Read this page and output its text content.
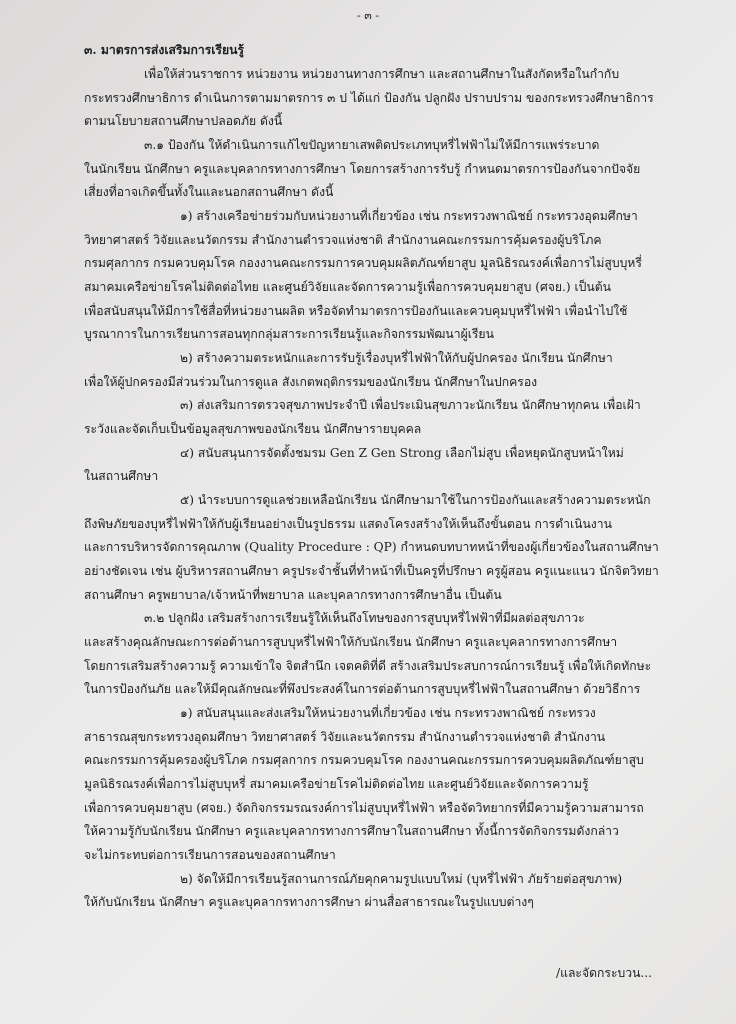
- ๓ -
๓. มาตรการส่งเสริมการเรียนรู้
เพื่อให้ส่วนราชการ หน่วยงาน หน่วยงานทางการศึกษา และสถานศึกษาในสังกัดหรือในกำกับ
กระทรวงศึกษาธิการ ดำเนินการตามมาตรการ ๓ ป ได้แก่ ป้องกัน ปลูกฝัง ปราบปราม ของกระทรวงศึกษาธิการ
ตามนโยบายสถานศึกษาปลอดภัย ดังนี้
๓.๑ ป้องกัน ให้ดำเนินการแก้ไขปัญหายาเสพติดประเภทบุหรี่ไฟฟ้าไม่ให้มีการแพร่ระบาด
ในนักเรียน นักศึกษา ครูและบุคลากรทางการศึกษา โดยการสร้างการรับรู้ กำหนดมาตรการป้องกันจากปัจจัย
เสี่ยงที่อาจเกิดขึ้นทั้งในและนอกสถานศึกษา ดังนี้
๑) สร้างเครือข่ายร่วมกับหน่วยงานที่เกี่ยวข้อง เช่น กระทรวงพาณิชย์ กระทรวงอุดมศึกษา
วิทยาศาสตร์ วิจัยและนวัตกรรม สำนักงานตำรวจแห่งชาติ สำนักงานคณะกรรมการคุ้มครองผู้บริโภค
กรมศุลกากร กรมควบคุมโรค กองงานคณะกรรมการควบคุมผลิตภัณฑ์ยาสูบ มูลนิธิรณรงค์เพื่อการไม่สูบบุหรี่
สมาคมเครือข่ายโรคไม่ติดต่อไทย และศูนย์วิจัยและจัดการความรู้เพื่อการควบคุมยาสูบ (ศจย.) เป็นต้น
เพื่อสนับสนุนให้มีการใช้สื่อที่หน่วยงานผลิต หรือจัดทำมาตรการป้องกันและควบคุมบุหรี่ไฟฟ้า เพื่อนำไปใช้
บูรณาการในการเรียนการสอนทุกกลุ่มสาระการเรียนรู้และกิจกรรมพัฒนาผู้เรียน
๒) สร้างความตระหนักและการรับรู้เรื่องบุหรี่ไฟฟ้าให้กับผู้ปกครอง นักเรียน นักศึกษา
เพื่อให้ผู้ปกครองมีส่วนร่วมในการดูแล สังเกตพฤติกรรมของนักเรียน นักศึกษาในปกครอง
๓) ส่งเสริมการตรวจสุขภาพประจำปี เพื่อประเมินสุขภาวะนักเรียน นักศึกษาทุกคน เพื่อเฝ้า
ระวังและจัดเก็บเป็นข้อมูลสุขภาพของนักเรียน นักศึกษารายบุคคล
๔) สนับสนุนการจัดตั้งชมรม Gen Z Gen Strong เลือกไม่สูบ เพื่อหยุดนักสูบหน้าใหม่
ในสถานศึกษา
๕) นำระบบการดูแลช่วยเหลือนักเรียน นักศึกษามาใช้ในการป้องกันและสร้างความตระหนัก
ถึงพิษภัยของบุหรี่ไฟฟ้าให้กับผู้เรียนอย่างเป็นรูปธรรม แสดงโครงสร้างให้เห็นถึงขั้นตอน การดำเนินงาน
และการบริหารจัดการคุณภาพ (Quality Procedure : QP) กำหนดบทบาทหน้าที่ของผู้เกี่ยวข้องในสถานศึกษา
อย่างชัดเจน เช่น ผู้บริหารสถานศึกษา ครูประจำชั้นที่ทำหน้าที่เป็นครูที่ปรึกษา ครูผู้สอน ครูแนะแนว นักจิตวิทยา
สถานศึกษา ครูพยาบาล/เจ้าหน้าที่พยาบาล และบุคลากรทางการศึกษาอื่น เป็นต้น
๓.๒ ปลูกฝัง เสริมสร้างการเรียนรู้ให้เห็นถึงโทษของการสูบบุหรี่ไฟฟ้าที่มีผลต่อสุขภาวะ
และสร้างคุณลักษณะการต่อต้านการสูบบุหรี่ไฟฟ้าให้กับนักเรียน นักศึกษา ครูและบุคลากรทางการศึกษา
โดยการเสริมสร้างความรู้ ความเข้าใจ จิตสำนึก เจตคติที่ดี สร้างเสริมประสบการณ์การเรียนรู้ เพื่อให้เกิดทักษะ
ในการป้องกันภัย และให้มีคุณลักษณะที่พึงประสงค์ในการต่อต้านการสูบบุหรี่ไฟฟ้าในสถานศึกษา ด้วยวิธีการ
๑) สนับสนุนและส่งเสริมให้หน่วยงานที่เกี่ยวข้อง เช่น กระทรวงพาณิชย์ กระทรวง
สาธารณสุขกระทรวงอุดมศึกษา วิทยาศาสตร์ วิจัยและนวัตกรรม สำนักงานตำรวจแห่งชาติ สำนักงาน
คณะกรรมการคุ้มครองผู้บริโภค กรมศุลกากร กรมควบคุมโรค กองงานคณะกรรมการควบคุมผลิตภัณฑ์ยาสูบ
มูลนิธิรณรงค์เพื่อการไม่สูบบุหรี่ สมาคมเครือข่ายโรคไม่ติดต่อไทย และศูนย์วิจัยและจัดการความรู้
เพื่อการควบคุมยาสูบ (ศจย.) จัดกิจกรรมรณรงค์การไม่สูบบุหรี่ไฟฟ้า หรือจัดวิทยากรที่มีความรู้ความสามารถ
ให้ความรู้กับนักเรียน นักศึกษา ครูและบุคลากรทางการศึกษาในสถานศึกษา ทั้งนี้การจัดกิจกรรมดังกล่าว
จะไม่กระทบต่อการเรียนการสอนของสถานศึกษา
๒) จัดให้มีการเรียนรู้สถานการณ์ภัยคุกคามรูปแบบใหม่ (บุหรี่ไฟฟ้า ภัยร้ายต่อสุขภาพ)
ให้กับนักเรียน นักศึกษา ครูและบุคลากรทางการศึกษา ผ่านสื่อสาธารณะในรูปแบบต่างๆ
/และจัดกระบวน...
